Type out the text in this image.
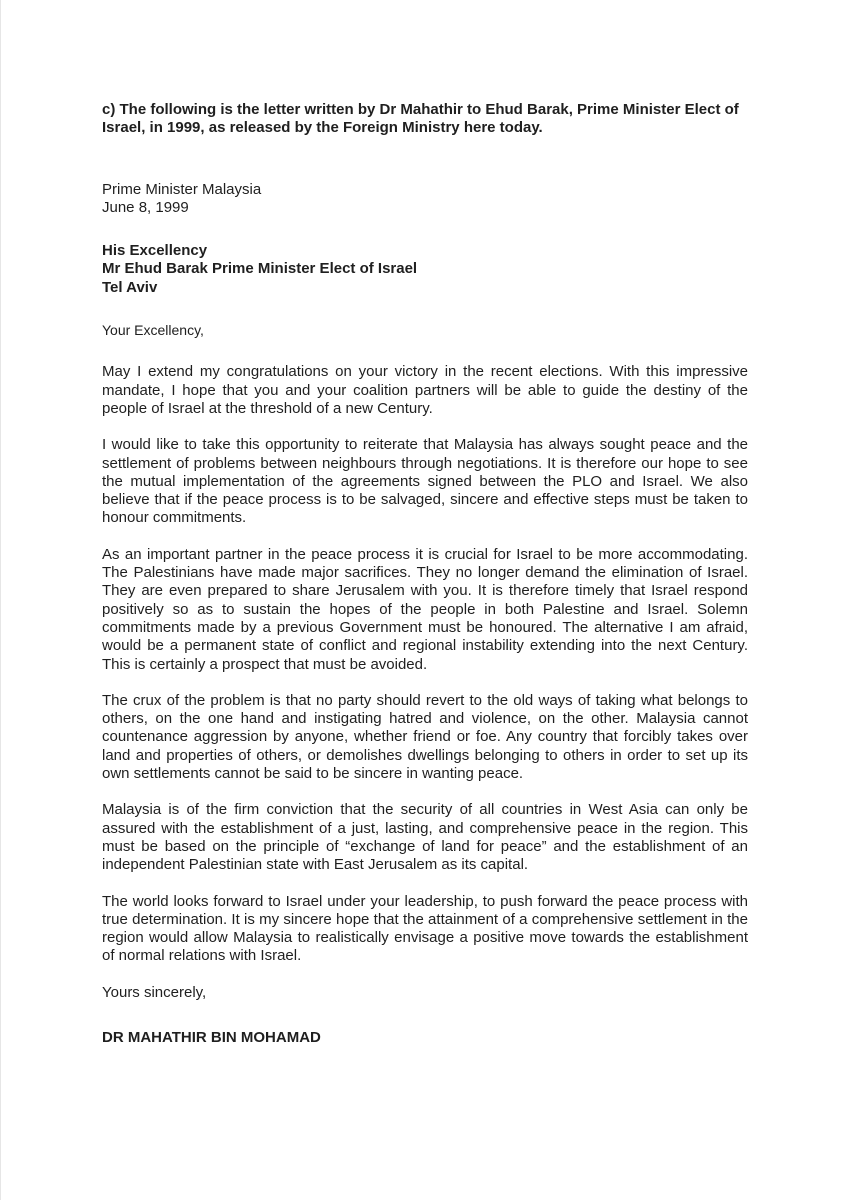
c) The following is the letter written by Dr Mahathir to Ehud Barak, Prime Minister Elect of Israel, in 1999, as released by the Foreign Ministry here today.

Prime Minister Malaysia
June 8, 1999
His Excellency
Mr Ehud Barak Prime Minister Elect of Israel
Tel Aviv
Your Excellency,

May I extend my congratulations on your victory in the recent elections. With this impressive mandate, I hope that you and your coalition partners will be able to guide the destiny of the people of Israel at the threshold of a new Century.

I would like to take this opportunity to reiterate that Malaysia has always sought peace and the settlement of problems between neighbours through negotiations. It is therefore our hope to see the mutual implementation of the agreements signed between the PLO and Israel. We also believe that if the peace process is to be salvaged, sincere and effective steps must be taken to honour commitments.

As an important partner in the peace process it is crucial for Israel to be more accommodating. The Palestinians have made major sacrifices. They no longer demand the elimination of Israel. They are even prepared to share Jerusalem with you. It is therefore timely that Israel respond positively so as to sustain the hopes of the people in both Palestine and Israel. Solemn commitments made by a previous Government must be honoured. The alternative I am afraid, would be a permanent state of conflict and regional instability extending into the next Century. This is certainly a prospect that must be avoided.

The crux of the problem is that no party should revert to the old ways of taking what belongs to others, on the one hand and instigating hatred and violence, on the other. Malaysia cannot countenance aggression by anyone, whether friend or foe. Any country that forcibly takes over land and properties of others, or demolishes dwellings belonging to others in order to set up its own settlements cannot be said to be sincere in wanting peace.

Malaysia is of the firm conviction that the security of all countries in West Asia can only be assured with the establishment of a just, lasting, and comprehensive peace in the region. This must be based on the principle of “exchange of land for peace” and the establishment of an independent Palestinian state with East Jerusalem as its capital.

The world looks forward to Israel under your leadership, to push forward the peace process with true determination. It is my sincere hope that the attainment of a comprehensive settlement in the region would allow Malaysia to realistically envisage a positive move towards the establishment of normal relations with Israel.

Yours sincerely,
DR MAHATHIR BIN MOHAMAD
